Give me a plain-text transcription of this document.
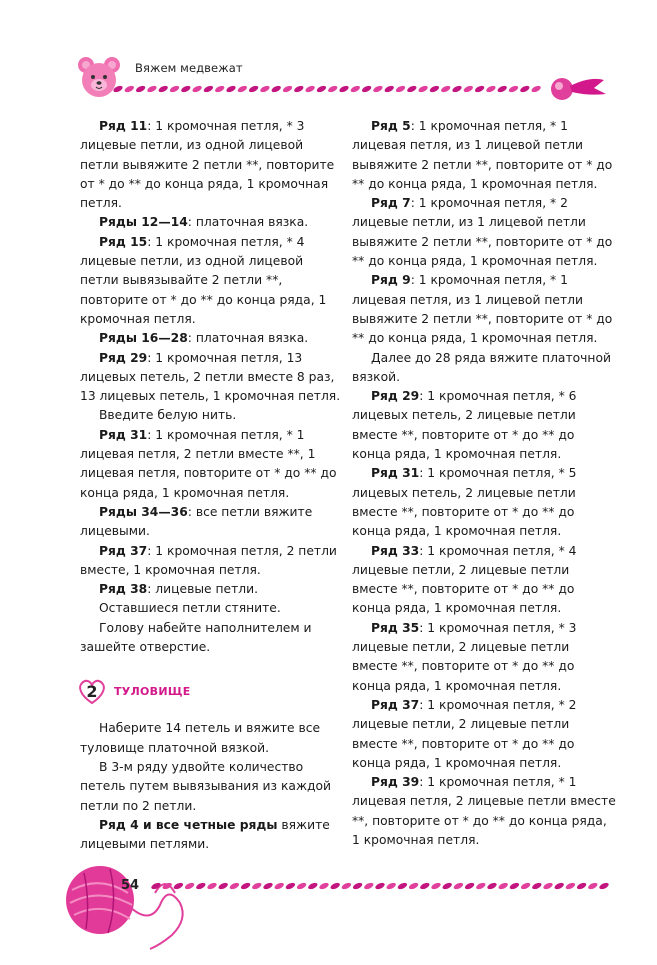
Вяжем медвежат

Ряд 11: 1 кромочная петля, * 3 лицевые петли, из одной лицевой петли вывяжите 2 петли **, повторите от * до ** до конца ряда, 1 кромочная петля.

Ряды 12—14: платочная вязка.

Ряд 15: 1 кромочная петля, * 4 лицевые петли, из одной лицевой петли вывязывайте 2 петли **, повторите от * до ** до конца ряда, 1 кромочная петля.

Ряды 16—28: платочная вязка.

Ряд 29: 1 кромочная петля, 13 лицевых петель, 2 петли вместе 8 раз, 13 лицевых петель, 1 кромочная петля.

Введите белую нить.

Ряд 31: 1 кромочная петля, * 1 лицевая петля, 2 петли вместе **, 1 лицевая петля, повторите от * до ** до конца ряда, 1 кромочная петля.

Ряды 34—36: все петли вяжите лицевыми.

Ряд 37: 1 кромочная петля, 2 петли вместе, 1 кромочная петля.

Ряд 38: лицевые петли.

Оставшиеся петли стяните.

Голову набейте наполнителем и зашейте отверстие.

2 ТУЛОВИЩЕ

Наберите 14 петель и вяжите все туловище платочной вязкой.

В 3-м ряду удвойте количество петель путем вывязывания из каждой петли по 2 петли.

Ряд 4 и все четные ряды вяжите лицевыми петлями.

Ряд 5: 1 кромочная петля, * 1 лицевая петля, из 1 лицевой петли вывяжите 2 петли **, повторите от * до ** до конца ряда, 1 кромочная петля.

Ряд 7: 1 кромочная петля, * 2 лицевые петли, из 1 лицевой петли вывяжите 2 петли **, повторите от * до ** до конца ряда, 1 кромочная петля.

Ряд 9: 1 кромочная петля, * 1 лицевая петля, из 1 лицевой петли вывяжите 2 петли **, повторите от * до ** до конца ряда, 1 кромочная петля.

Далее до 28 ряда вяжите платочной вязкой.

Ряд 29: 1 кромочная петля, * 6 лицевых петель, 2 лицевые петли вместе **, повторите от * до ** до конца ряда, 1 кромочная петля.

Ряд 31: 1 кромочная петля, * 5 лицевых петель, 2 лицевые петли вместе **, повторите от * до ** до конца ряда, 1 кромочная петля.

Ряд 33: 1 кромочная петля, * 4 лицевые петли, 2 лицевые петли вместе **, повторите от * до ** до конца ряда, 1 кромочная петля.

Ряд 35: 1 кромочная петля, * 3 лицевые петли, 2 лицевые петли вместе **, повторите от * до ** до конца ряда, 1 кромочная петля.

Ряд 37: 1 кромочная петля, * 2 лицевые петли, 2 лицевые петли вместе **, повторите от * до ** до конца ряда, 1 кромочная петля.

Ряд 39: 1 кромочная петля, * 1 лицевая петля, 2 лицевые петли вместе **, повторите от * до ** до конца ряда, 1 кромочная петля.

54
